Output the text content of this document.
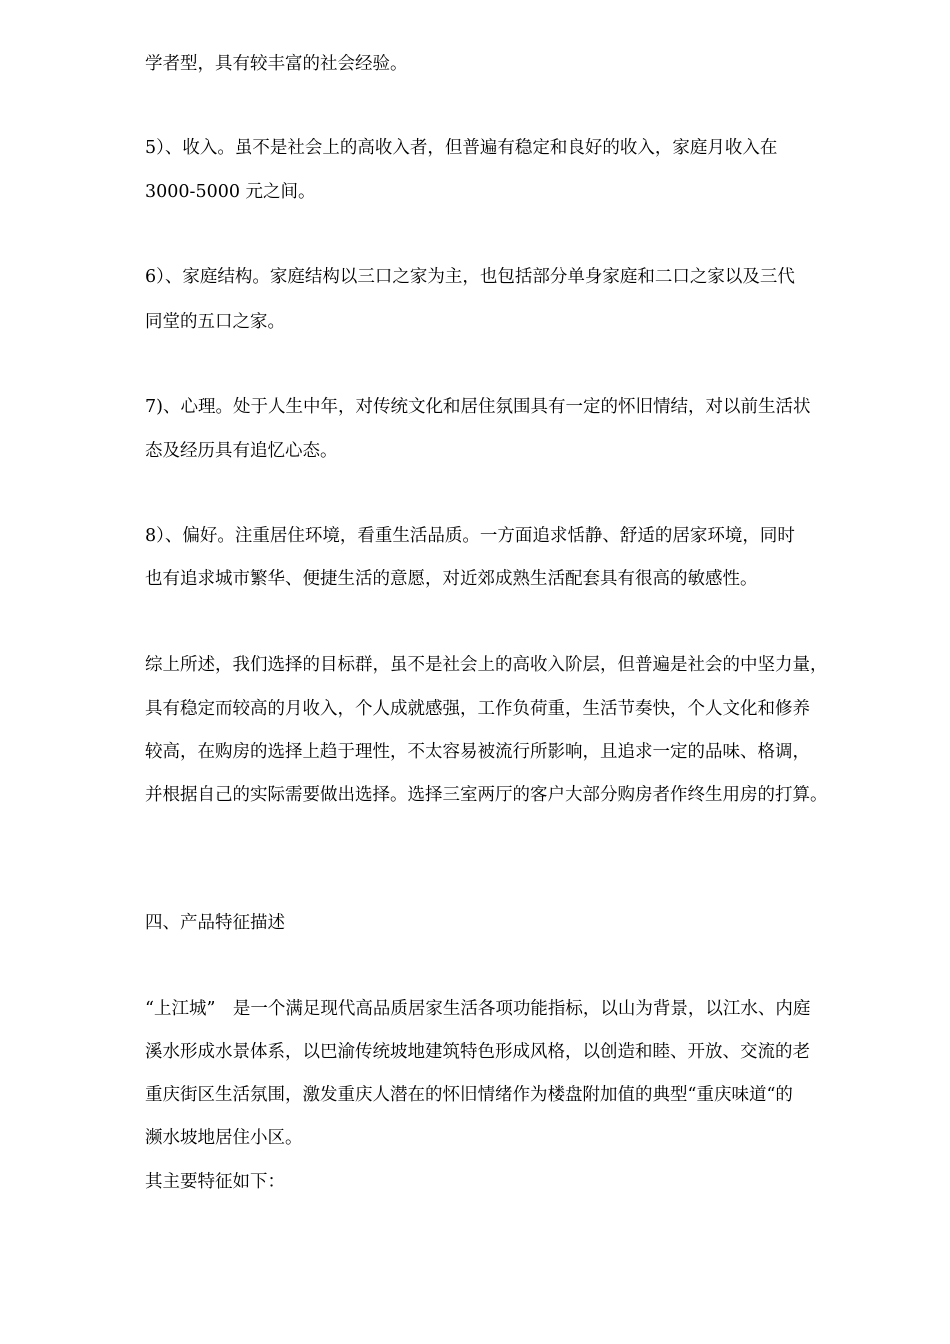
学者型，具有较丰富的社会经验。

5）、收入。虽不是社会上的高收入者，但普遍有稳定和良好的收入，家庭月收入在

3000-5000 元之间。

6）、家庭结构。家庭结构以三口之家为主，也包括部分单身家庭和二口之家以及三代

同堂的五口之家。

7)、心理。处于人生中年，对传统文化和居住氛围具有一定的怀旧情结，对以前生活状

态及经历具有追忆心态。

8）、偏好。注重居住环境，看重生活品质。一方面追求恬静、舒适的居家环境，同时

也有追求城市繁华、便捷生活的意愿，对近郊成熟生活配套具有很高的敏感性。

综上所述，我们选择的目标群，虽不是社会上的高收入阶层，但普遍是社会的中坚力量，

具有稳定而较高的月收入，个人成就感强，工作负荷重，生活节奏快，个人文化和修养

较高，在购房的选择上趋于理性，不太容易被流行所影响，且追求一定的品味、格调，

并根据自己的实际需要做出选择。选择三室两厅的客户大部分购房者作终生用房的打算。

四、产品特征描述

“上江城”　是一个满足现代高品质居家生活各项功能指标，以山为背景，以江水、内庭

溪水形成水景体系，以巴渝传统坡地建筑特色形成风格，以创造和睦、开放、交流的老

重庆街区生活氛围，激发重庆人潜在的怀旧情绪作为楼盘附加值的典型“重庆味道“的

濒水坡地居住小区。

其主要特征如下：
